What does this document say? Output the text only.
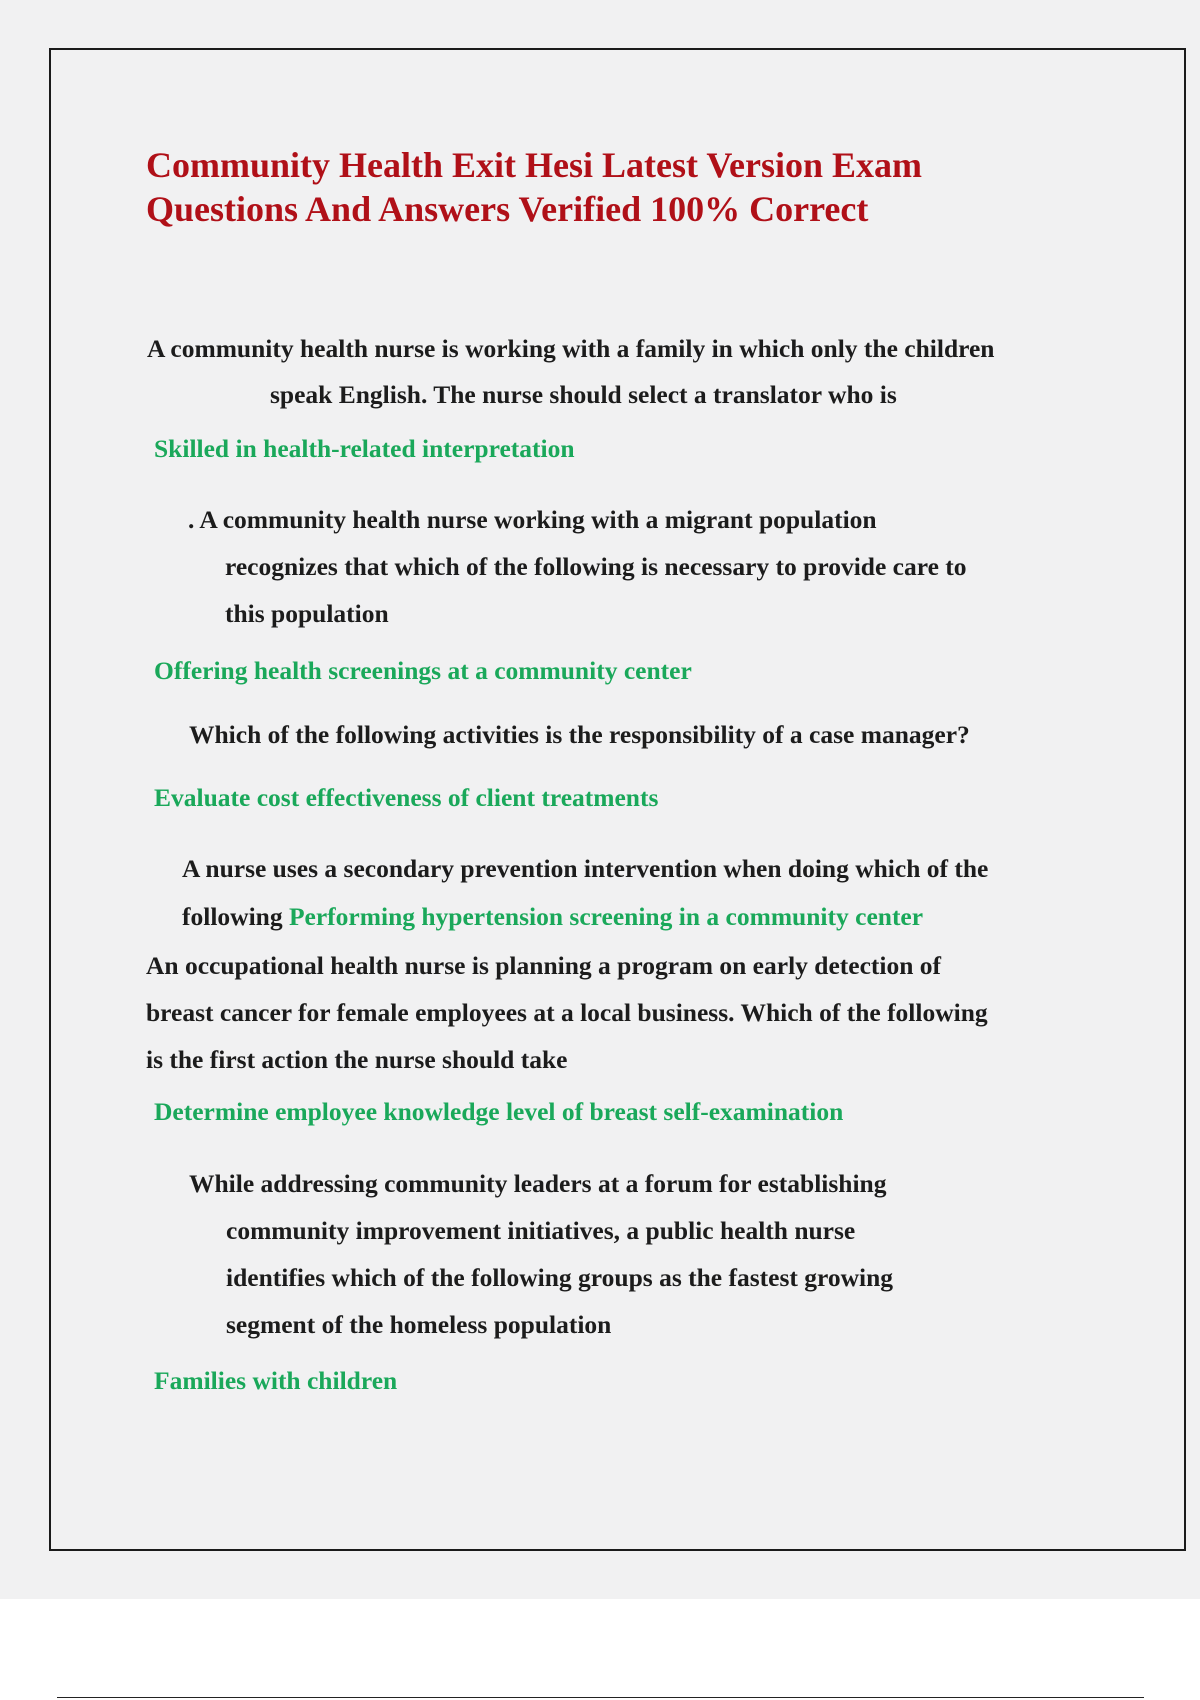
Community Health Exit Hesi Latest Version Exam
Questions And Answers Verified 100% Correct

A community health nurse is working with a family in which only the children
speak English. The nurse should select a translator who is

Skilled in health-related interpretation

. A community health nurse working with a migrant population
recognizes that which of the following is necessary to provide care to
this population

Offering health screenings at a community center

Which of the following activities is the responsibility of a case manager?

Evaluate cost effectiveness of client treatments

A nurse uses a secondary prevention intervention when doing which of the
following Performing hypertension screening in a community center

An occupational health nurse is planning a program on early detection of
breast cancer for female employees at a local business. Which of the following
is the first action the nurse should take

Determine employee knowledge level of breast self-examination

While addressing community leaders at a forum for establishing
community improvement initiatives, a public health nurse
identifies which of the following groups as the fastest growing
segment of the homeless population

Families with children
